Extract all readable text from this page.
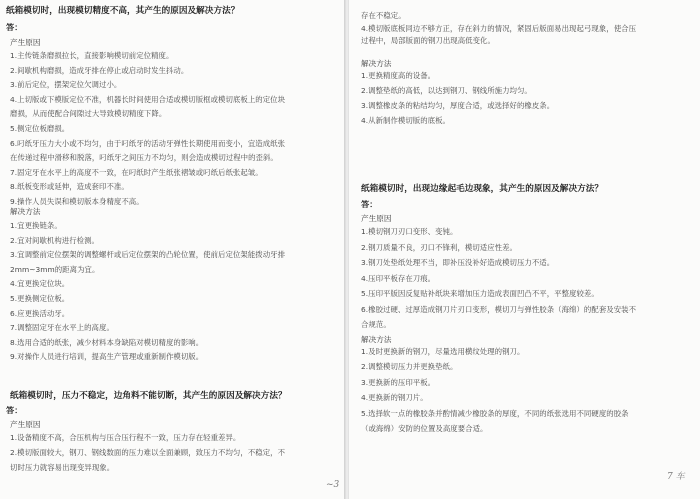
纸箱模切时，出现模切精度不高，其产生的原因及解决方法？
答：
产生原因
1.主传链条磨损拉长，直接影响模切前定位精度。
2.间歇机构磨损，造成牙排在停止或启动时发生抖动。
3.前后定位，摆架定位欠调过小。
4.上切版或下模版定位不准，机器长时间使用合适或模切版框或模切底板上的定位块
磨损，从而使配合间隙过大导致模切精度下降。
5.侧定位板磨损。
6.叼纸牙压力大小或不均匀，由于叼纸牙的活动牙弹性长期使用而变小，宜造成纸张
在传递过程中滑移和脱落，叼纸牙之间压力不均匀，则会造成模切过程中的歪斜。
7.固定牙在水平上的高度不一致，在叼纸时产生纸张褶皱或叼纸后纸张起皱。
8.纸板变形或延伸，造成套印不准。
9.操作人员失误和模切版本身精度不高。
解决方法
1.宜更换链条。
2.宜对间歇机构进行检测。
3.宜调整前定位摆架的调整螺杆或后定位摆架的凸轮位置，使前后定位架能拨动牙排
2mm~3mm的距离为宜。
4.宜更换定位块。
5.更换侧定位板。
6.应更换活动牙。
7.调整固定牙在水平上的高度。
8.选用合适的纸张，减少材料本身缺陷对模切精度的影响。
9.对操作人员进行培训，提高生产管理或重新制作模切版。
纸箱模切时，压力不稳定，边角料不能切断，其产生的原因及解决方法？
答：
产生原因
1.设备精度不高，合压机构与压合压行程不一致，压力存在轻重差异。
2.模切版面较大，钢刀、钢线数面的压力难以全面兼顾，致压力不均匀，不稳定，不
切时压力就容易出现变异现象。
~3
存在不稳定。
4.模切版底板同边不够方正，存在斜力的情况，紧固后版面易出现起弓现象，使合压
过程中，局部版面的钢刀出现高低变化。
解决方法
1.更换精度高的设备。
2.调整垫纸的高低，以达到钢刀、钢线所施力均匀。
3.调整橡皮条的粘结均匀，厚度合适，或选择好的橡皮条。
4.从新制作模切版的底板。
纸箱模切时，出现边缘起毛边现象，其产生的原因及解决方法？
答：
产生原因
1.模切钢刀刃口变形、变钝。
2.钢刀质量不良，刃口不锋利，模切适应性差。
3.钢刀处垫纸处理不当，即补压没补好造成模切压力不适。
4.压印平板存在刀痕。
5.压印平版因反复贴补纸块来增加压力造成表面凹凸不平，平整度较差。
6.橡胶过硬、过厚造成钢刀片刃口变形，模切刀与弹性胶条（海绵）的配套及安装不
合规范。
解决方法
1.及时更换新的钢刀，尽量选用横纹处理的钢刀。
2.调整模切压力并更换垫纸。
3.更换新的压印平板。
4.更换新的钢刀片。
5.选择软一点的橡胶条并酌情减少橡胶条的厚度，不同的纸张选用不同硬度的胶条
（或海绵）安防的位置及高度要合适。
7 车
